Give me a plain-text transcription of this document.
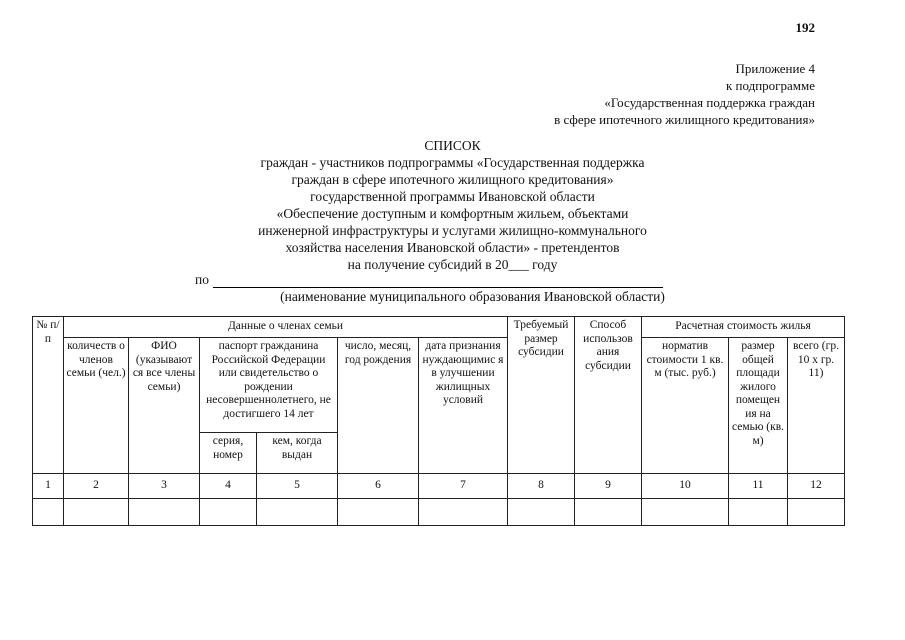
192
Приложение 4
к подпрограмме
«Государственная поддержка граждан
в сфере ипотечного жилищного кредитования»
СПИСОК
граждан - участников подпрограммы «Государственная поддержка
граждан в сфере ипотечного жилищного кредитования»
государственной программы Ивановской области
«Обеспечение доступным и комфортным жильем, объектами
инженерной инфраструктуры и услугами жилищно-коммунального
хозяйства населения Ивановской области» - претендентов
на получение субсидий в 20___ году
по
(наименование муниципального образования Ивановской области)
№ п/п	Данные о членах семьи						Требуемый размер субсидии	Способ использов ания субсидии	Расчетная стоимость жилья		
	количеств о членов семьи (чел.)	ФИО (указывают ся все члены семьи)	паспорт гражданина Российской Федерации или свидетельство о рождении несовершеннолетнего, не достигшего 14 лет		число, месяц, год рождения	дата признания нуждающимис я в улучшении жилищных условий			норматив стоимости 1 кв. м (тыс. руб.)	размер общей площади жилого помещен ия на семью (кв. м)	всего (гр. 10 х гр. 11)
			серия, номер	кем, когда выдан							
1	2	3	4	5	6	7	8	9	10	11	12
